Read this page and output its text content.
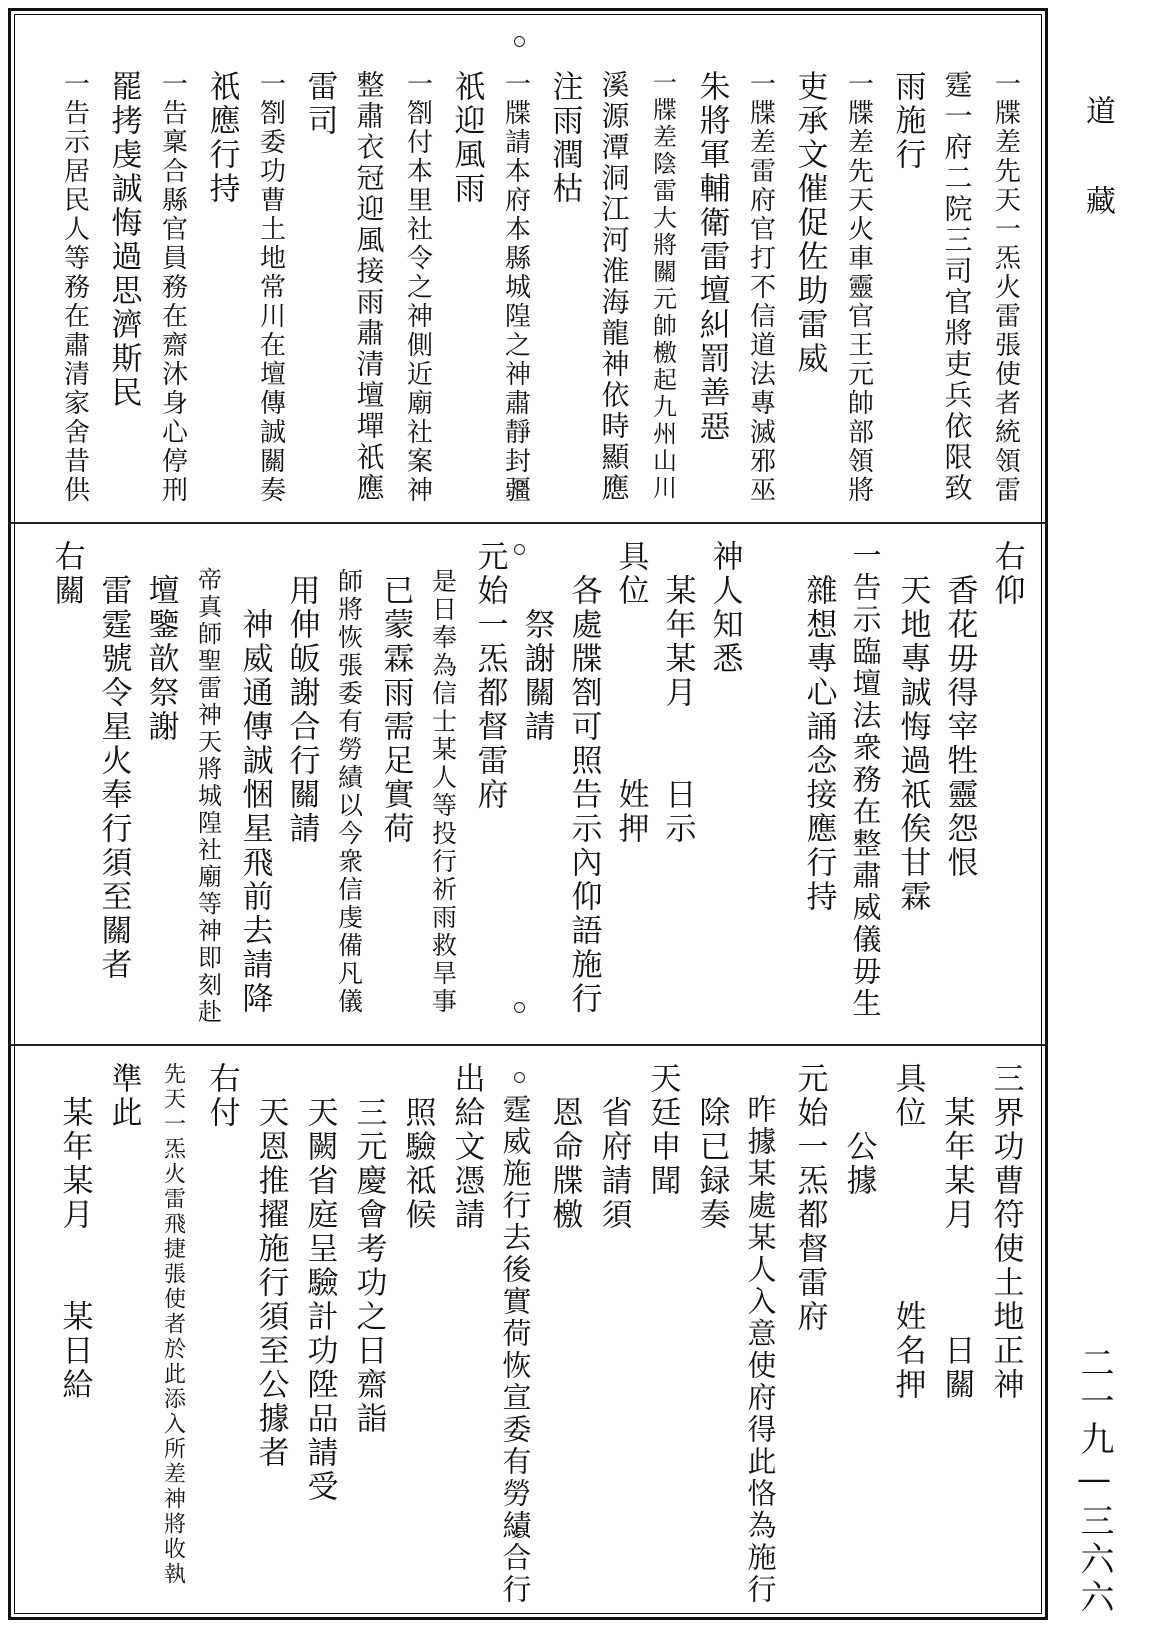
道藏
二一九—三六六
一牒差先天一炁火雷張使者統領雷
霆一府二院三司官將吏兵依限致
雨施行
一牒差先天火車靈官王元帥部領將
吏承文催促佐助雷威
一牒差雷府官打不信道法專滅邪巫
朱將軍輔衛雷壇糾罰善惡
一牒差陰雷大將關元帥檄起九州山川
溪源潭洞江河淮海龍神依時顯應
注雨潤枯
一牒請本府本縣城隍之神肅靜封疆
祇迎風雨
一劄付本里社令之神側近廟社案神
整肅衣冠迎風接雨肅清壇墠祇應
雷司
一劄委功曹土地常川在壇傳誠關奏
祇應行持
一告稟合縣官員務在齋沐身心停刑
罷拷虔誠悔過思濟斯民
一告示居民人等務在肅清家舍昔供
右仰
　香花毋得宰牲靈怨恨
　天地專誠悔過祇俟甘霖
一告示臨壇法衆務在整肅威儀毋生
　雜想專心誦念接應行持
神人知悉
　某年某月　　日示
具位　　　　　姓押
　各處牒劄可照告示內仰語施行
　　祭謝關請
元始一炁都督雷府
　是日奉為信士某人等投行祈雨救旱事
　已蒙霖雨需足實荷
　師將恢張委有勞績以今衆信虔備凡儀
　用伸皈謝合行關請
　　神威通傳誠悃星飛前去請降
　帝真師聖雷神天將城隍社廟等神即刻赴
　壇鑒歆祭謝
　雷霆號令星火奉行須至關者
右關
三界功曹符使土地正神
　某年某月　　　日關
具位　　　　　姓名押
　　公據
元始一炁都督雷府
　昨據某處某人入意使府得此恪為施行
　除已録奏
天廷申聞
　省府請須
　恩命牒檄
　霆威施行去後實荷恢宣委有勞績合行
出給文憑請
　照驗祗候
　三元慶會考功之日齋詣
　天闕省庭呈驗計功陞品請受
　天恩推擢施行須至公據者
右付
先天一炁火雷飛捷張使者於此添入所差神將收執
準此
　某年某月　　某日給
